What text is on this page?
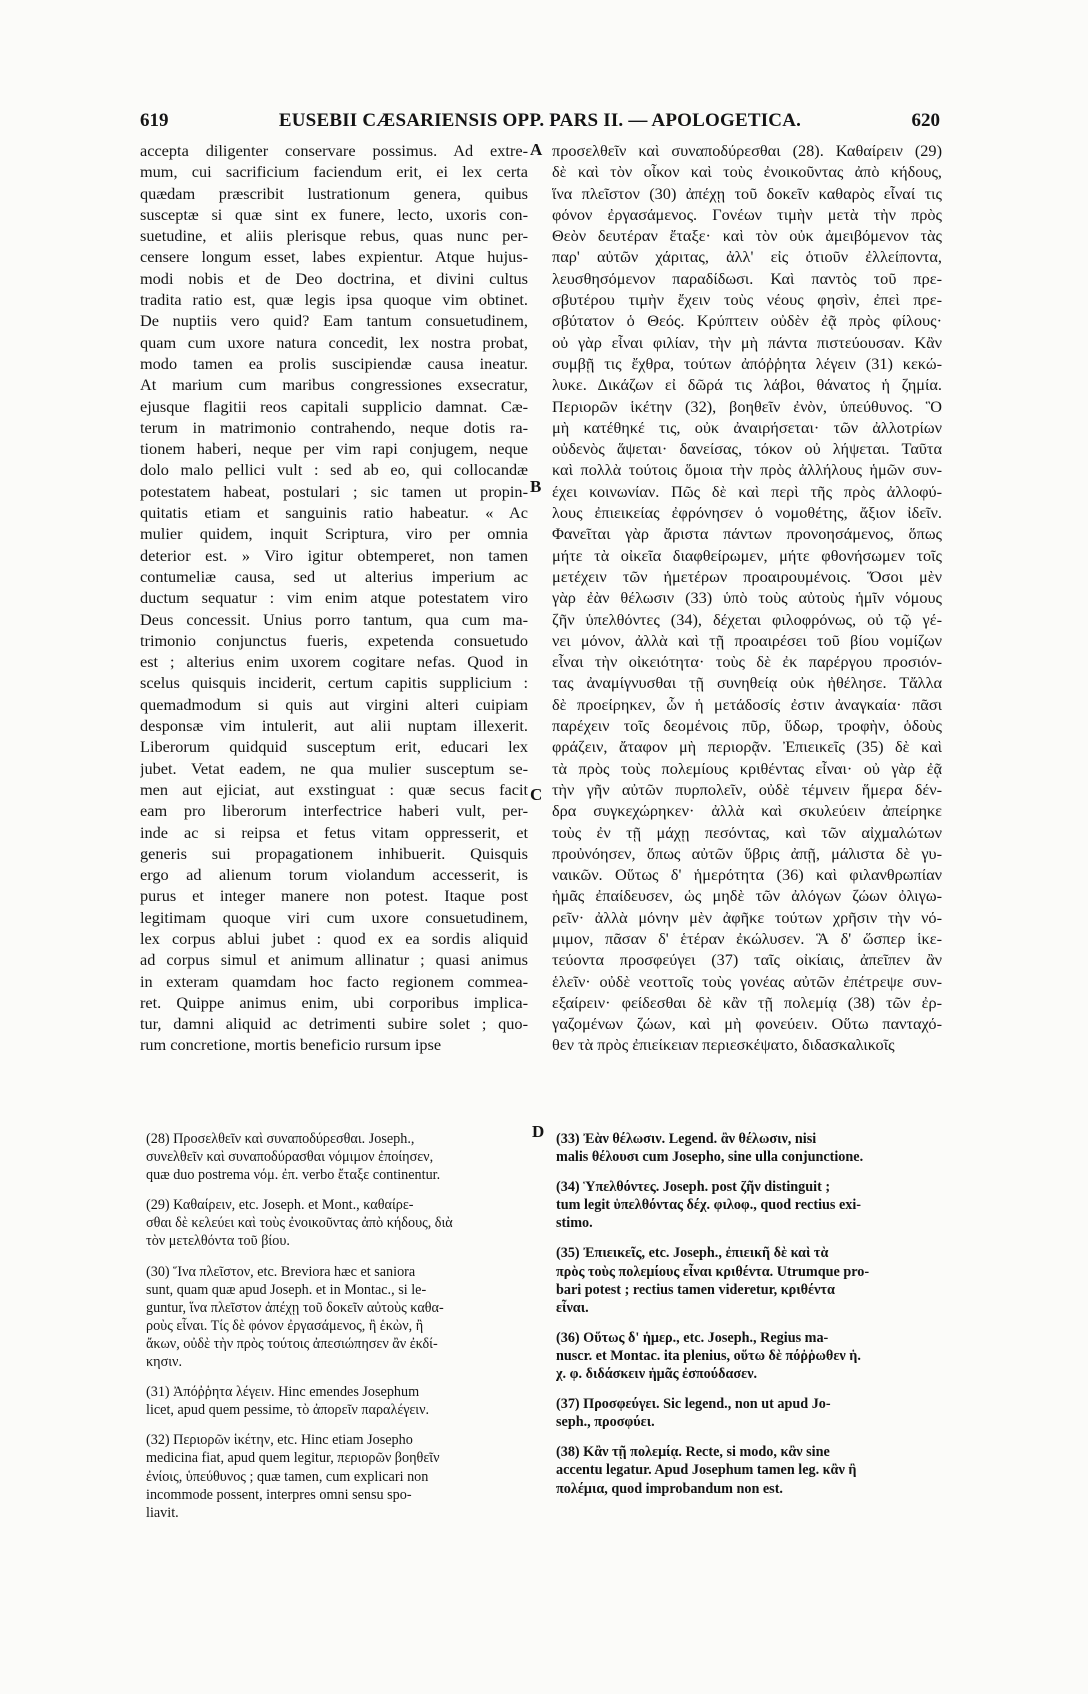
619	EUSEBII CÆSARIENSIS OPP. PARS II. — APOLOGETICA.	620
accepta diligenter conservare possimus. Ad extre-
mum, cui sacrificium faciendum erit, ei lex certa
quædam præscribit lustrationum genera, quibus
susceptæ si quæ sint ex funere, lecto, uxoris con-
suetudine, et aliis plerisque rebus, quas nunc per-
censere longum esset, labes expientur. Atque hujus-
modi nobis et de Deo doctrina, et divini cultus
tradita ratio est, quæ legis ipsa quoque vim obtinet.
De nuptiis vero quid? Eam tantum consuetudinem,
quam cum uxore natura concedit, lex nostra probat,
modo tamen ea prolis suscipiendæ causa ineatur.
At marium cum maribus congressiones exsecratur,
ejusque flagitii reos capitali supplicio damnat. Cæ-
terum in matrimonio contrahendo, neque dotis ra-
tionem haberi, neque per vim rapi conjugem, neque
dolo malo pellici vult : sed ab eo, qui collocandæ
potestatem habeat, postulari ; sic tamen ut propin-
quitatis etiam et sanguinis ratio habeatur. « Ac
mulier quidem, inquit Scriptura, viro per omnia
deterior est. » Viro igitur obtemperet, non tamen
contumeliæ causa, sed ut alterius imperium ac
ductum sequatur : vim enim atque potestatem viro
Deus concessit. Unius porro tantum, qua cum ma-
trimonio conjunctus fueris, expetenda consuetudo
est ; alterius enim uxorem cogitare nefas. Quod in
scelus quisquis inciderit, certum capitis supplicium :
quemadmodum si quis aut virgini alteri cuipiam
desponsæ vim intulerit, aut alii nuptam illexerit.
Liberorum quidquid susceptum erit, educari lex
jubet. Vetat eadem, ne qua mulier susceptum se-
men aut ejiciat, aut exstinguat : quæ secus facit
eam pro liberorum interfectrice haberi vult, per-
inde ac si reipsa et fetus vitam oppresserit, et
generis sui propagationem inhibuerit. Quisquis
ergo ad alienum torum violandum accesserit, is
purus et integer manere non potest. Itaque post
legitimam quoque viri cum uxore consuetudinem,
lex corpus ablui jubet : quod ex ea sordis aliquid
ad corpus simul et animum allinatur ; quasi animus
in exteram quamdam hoc facto regionem commea-
ret. Quippe animus enim, ubi corporibus implica-
tur, damni aliquid ac detrimenti subire solet ; quo-
rum concretione, mortis beneficio rursum ipse
προσελθεῖν καὶ συναποδύρεσθαι (28). Καθαίρειν (29)
δὲ καὶ τὸν οἶκον καὶ τοὺς ἐνοικοῦντας ἀπὸ κήδους,
ἵνα πλεῖστον (30) ἀπέχῃ τοῦ δοκεῖν καθαρὸς εἶναί τις
φόνον ἐργασάμενος. Γονέων τιμὴν μετὰ τὴν πρὸς
Θεὸν δευτέραν ἔταξε· καὶ τὸν οὐκ ἀμειβόμενον τὰς
παρ' αὐτῶν χάριτας, ἀλλ' εἰς ὁτιοῦν ἐλλείποντα,
λευσθησόμενον παραδίδωσι. Καὶ παντὸς τοῦ πρε-
σβυτέρου τιμὴν ἔχειν τοὺς νέους φησὶν, ἐπεὶ πρε-
σβύτατον ὁ Θεός. Κρύπτειν οὐδὲν ἐᾷ πρὸς φίλους·
οὐ γὰρ εἶναι φιλίαν, τὴν μὴ πάντα πιστεύουσαν. Κἂν
συμβῇ τις ἔχθρα, τούτων ἀπόῤῥητα λέγειν (31) κεκώ-
λυκε. Δικάζων εἰ δῶρά τις λάβοι, θάνατος ἡ ζημία.
Περιορῶν ἱκέτην (32), βοηθεῖν ἐνὸν, ὑπεύθυνος. Ὃ
μὴ κατέθηκέ τις, οὐκ ἀναιρήσεται· τῶν ἀλλοτρίων
οὐδενὸς ἅψεται· δανείσας, τόκον οὐ λήψεται. Ταῦτα
καὶ πολλὰ τούτοις ὅμοια τὴν πρὸς ἀλλήλους ἡμῶν συν-
έχει κοινωνίαν. Πῶς δὲ καὶ περὶ τῆς πρὸς ἀλλοφύ-
λους ἐπιεικείας ἐφρόνησεν ὁ νομοθέτης, ἄξιον ἰδεῖν.
Φανεῖται γὰρ ἄριστα πάντων προνοησάμενος, ὅπως
μήτε τὰ οἰκεῖα διαφθείρωμεν, μήτε φθονήσωμεν τοῖς
μετέχειν τῶν ἡμετέρων προαιρουμένοις. Ὅσοι μὲν
γὰρ ἐὰν θέλωσιν (33) ὑπὸ τοὺς αὐτοὺς ἡμῖν νόμους
ζῆν ὑπελθόντες (34), δέχεται φιλοφρόνως, οὐ τῷ γέ-
νει μόνον, ἀλλὰ καὶ τῇ προαιρέσει τοῦ βίου νομίζων
εἶναι τὴν οἰκειότητα· τοὺς δὲ ἐκ παρέργου προσιόν-
τας ἀναμίγνυσθαι τῇ συνηθείᾳ οὐκ ἠθέλησε. Τἄλλα
δὲ προείρηκεν, ὧν ἡ μετάδοσίς ἐστιν ἀναγκαία· πᾶσι
παρέχειν τοῖς δεομένοις πῦρ, ὕδωρ, τροφὴν, ὁδοὺς
φράζειν, ἄταφον μὴ περιορᾷν. Ἐπιεικεῖς (35) δὲ καὶ
τὰ πρὸς τοὺς πολεμίους κριθέντας εἶναι· οὐ γὰρ ἐᾷ
τὴν γῆν αὐτῶν πυρπολεῖν, οὐδὲ τέμνειν ἥμερα δέν-
δρα συγκεχώρηκεν· ἀλλὰ καὶ σκυλεύειν ἀπείρηκε
τοὺς ἐν τῇ μάχῃ πεσόντας, καὶ τῶν αἰχμαλώτων
προὐνόησεν, ὅπως αὐτῶν ὕβρις ἀπῇ, μάλιστα δὲ γυ-
ναικῶν. Οὕτως δ' ἡμερότητα (36) καὶ φιλανθρωπίαν
ἡμᾶς ἐπαίδευσεν, ὡς μηδὲ τῶν ἀλόγων ζώων ὀλιγω-
ρεῖν· ἀλλὰ μόνην μὲν ἀφῆκε τούτων χρῆσιν τὴν νό-
μιμον, πᾶσαν δ' ἑτέραν ἐκώλυσεν. Ἃ δ' ὥσπερ ἱκε-
τεύοντα προσφεύγει (37) ταῖς οἰκίαις, ἀπεῖπεν ἂν
ἑλεῖν· οὐδὲ νεοττοῖς τοὺς γονέας αὐτῶν ἐπέτρεψε συν-
εξαίρειν· φείδεσθαι δὲ κἂν τῇ πολεμίᾳ (38) τῶν ἐρ-
γαζομένων ζώων, καὶ μὴ φονεύειν. Οὕτω πανταχό-
θεν τὰ πρὸς ἐπιείκειαν περιεσκέψατο, διδασκαλικοῖς
A
B
C
D
(28) Προσελθεῖν καὶ συναποδύρεσθαι. Joseph.,
συνελθεῖν καὶ συναποδύρασθαι νόμιμον ἐποίησεν,
quæ duo postrema νόμ. ἐπ. verbo ἔταξε continentur.
(29) Καθαίρειν, etc. Joseph. et Mont., καθαίρε-
σθαι δὲ κελεύει καὶ τοὺς ἐνοικοῦντας ἀπὸ κήδους, διὰ
τὸν μετελθόντα τοῦ βίου.
(30) Ἵνα πλεῖστον, etc. Breviora hæc et saniora
sunt, quam quæ apud Joseph. et in Montac., si le-
guntur, ἵνα πλεῖστον ἀπέχῃ τοῦ δοκεῖν αὐτοὺς καθα-
ροὺς εἶναι. Τίς δὲ φόνον ἐργασάμενος, ἢ ἑκὼν, ἢ
ἄκων, οὐδὲ τὴν πρὸς τούτοις ἀπεσιώπησεν ἂν ἐκδί-
κησιν.
(31) Ἀπόῤῥητα λέγειν. Hinc emendes Josephum
licet, apud quem pessime, τὸ ἀπορεῖν παραλέγειν.
(32) Περιορῶν ἱκέτην, etc. Hinc etiam Josepho
medicina fiat, apud quem legitur, περιορῶν βοηθεῖν
ἐνίοις, ὑπεύθυνος ; quæ tamen, cum explicari non
incommode possent, interpres omni sensu spo-
liavit.
(33) Ἐὰν θέλωσιν. Legend. ἂν θέλωσιν, nisi
malis θέλουσι cum Josepho, sine ulla conjunctione.
(34) Ὑπελθόντες. Joseph. post ζῆν distinguit ;
tum legit ὑπελθόντας δέχ. φιλοφ., quod rectius exi-
stimo.
(35) Ἐπιεικεῖς, etc. Joseph., ἐπιεικῆ δὲ καὶ τὰ
πρὸς τοὺς πολεμίους εἶναι κριθέντα. Utrumque pro-
bari potest ; rectius tamen videretur, κριθέντα
εἶναι.
(36) Οὕτως δ' ἡμερ., etc. Joseph., Regius ma-
nuscr. et Montac. ita plenius, οὕτω δὲ πόῤῥωθεν ἡ.
χ. φ. διδάσκειν ἡμᾶς ἐσπούδασεν.
(37) Προσφεύγει. Sic legend., non ut apud Jo-
seph., προσφύει.
(38) Κἂν τῇ πολεμίᾳ. Recte, si modo, κἂν sine
accentu legatur. Apud Josephum tamen leg. κἂν ἢ
πολέμια, quod improbandum non est.
